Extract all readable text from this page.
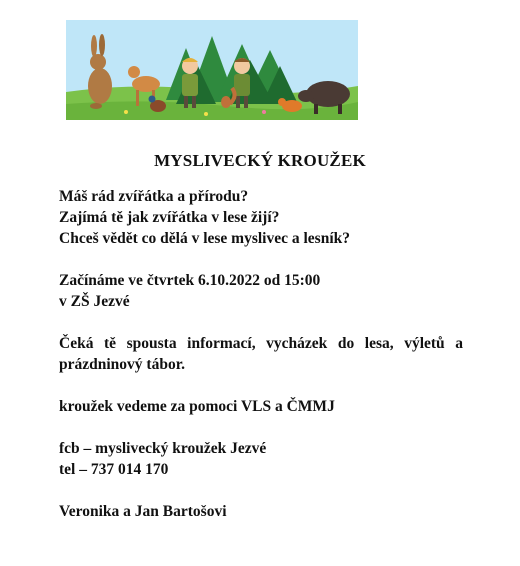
MYSLIVECKÝ KROUŽEK

Máš rád zvířátka a přírodu?
Zajímá tě jak zvířátka v lese žijí?
Chceš vědět co dělá v lese myslivec a lesník?

Začínáme ve čtvrtek 6.10.2022 od 15:00
v ZŠ Jezvé

Čeká tě spousta informací, vycházek do lesa, výletů a prázdninový tábor.

kroužek vedeme za pomoci VLS a ČMMJ

fcb – myslivecký kroužek Jezvé
tel – 737 014 170

Veronika a Jan Bartošovi
